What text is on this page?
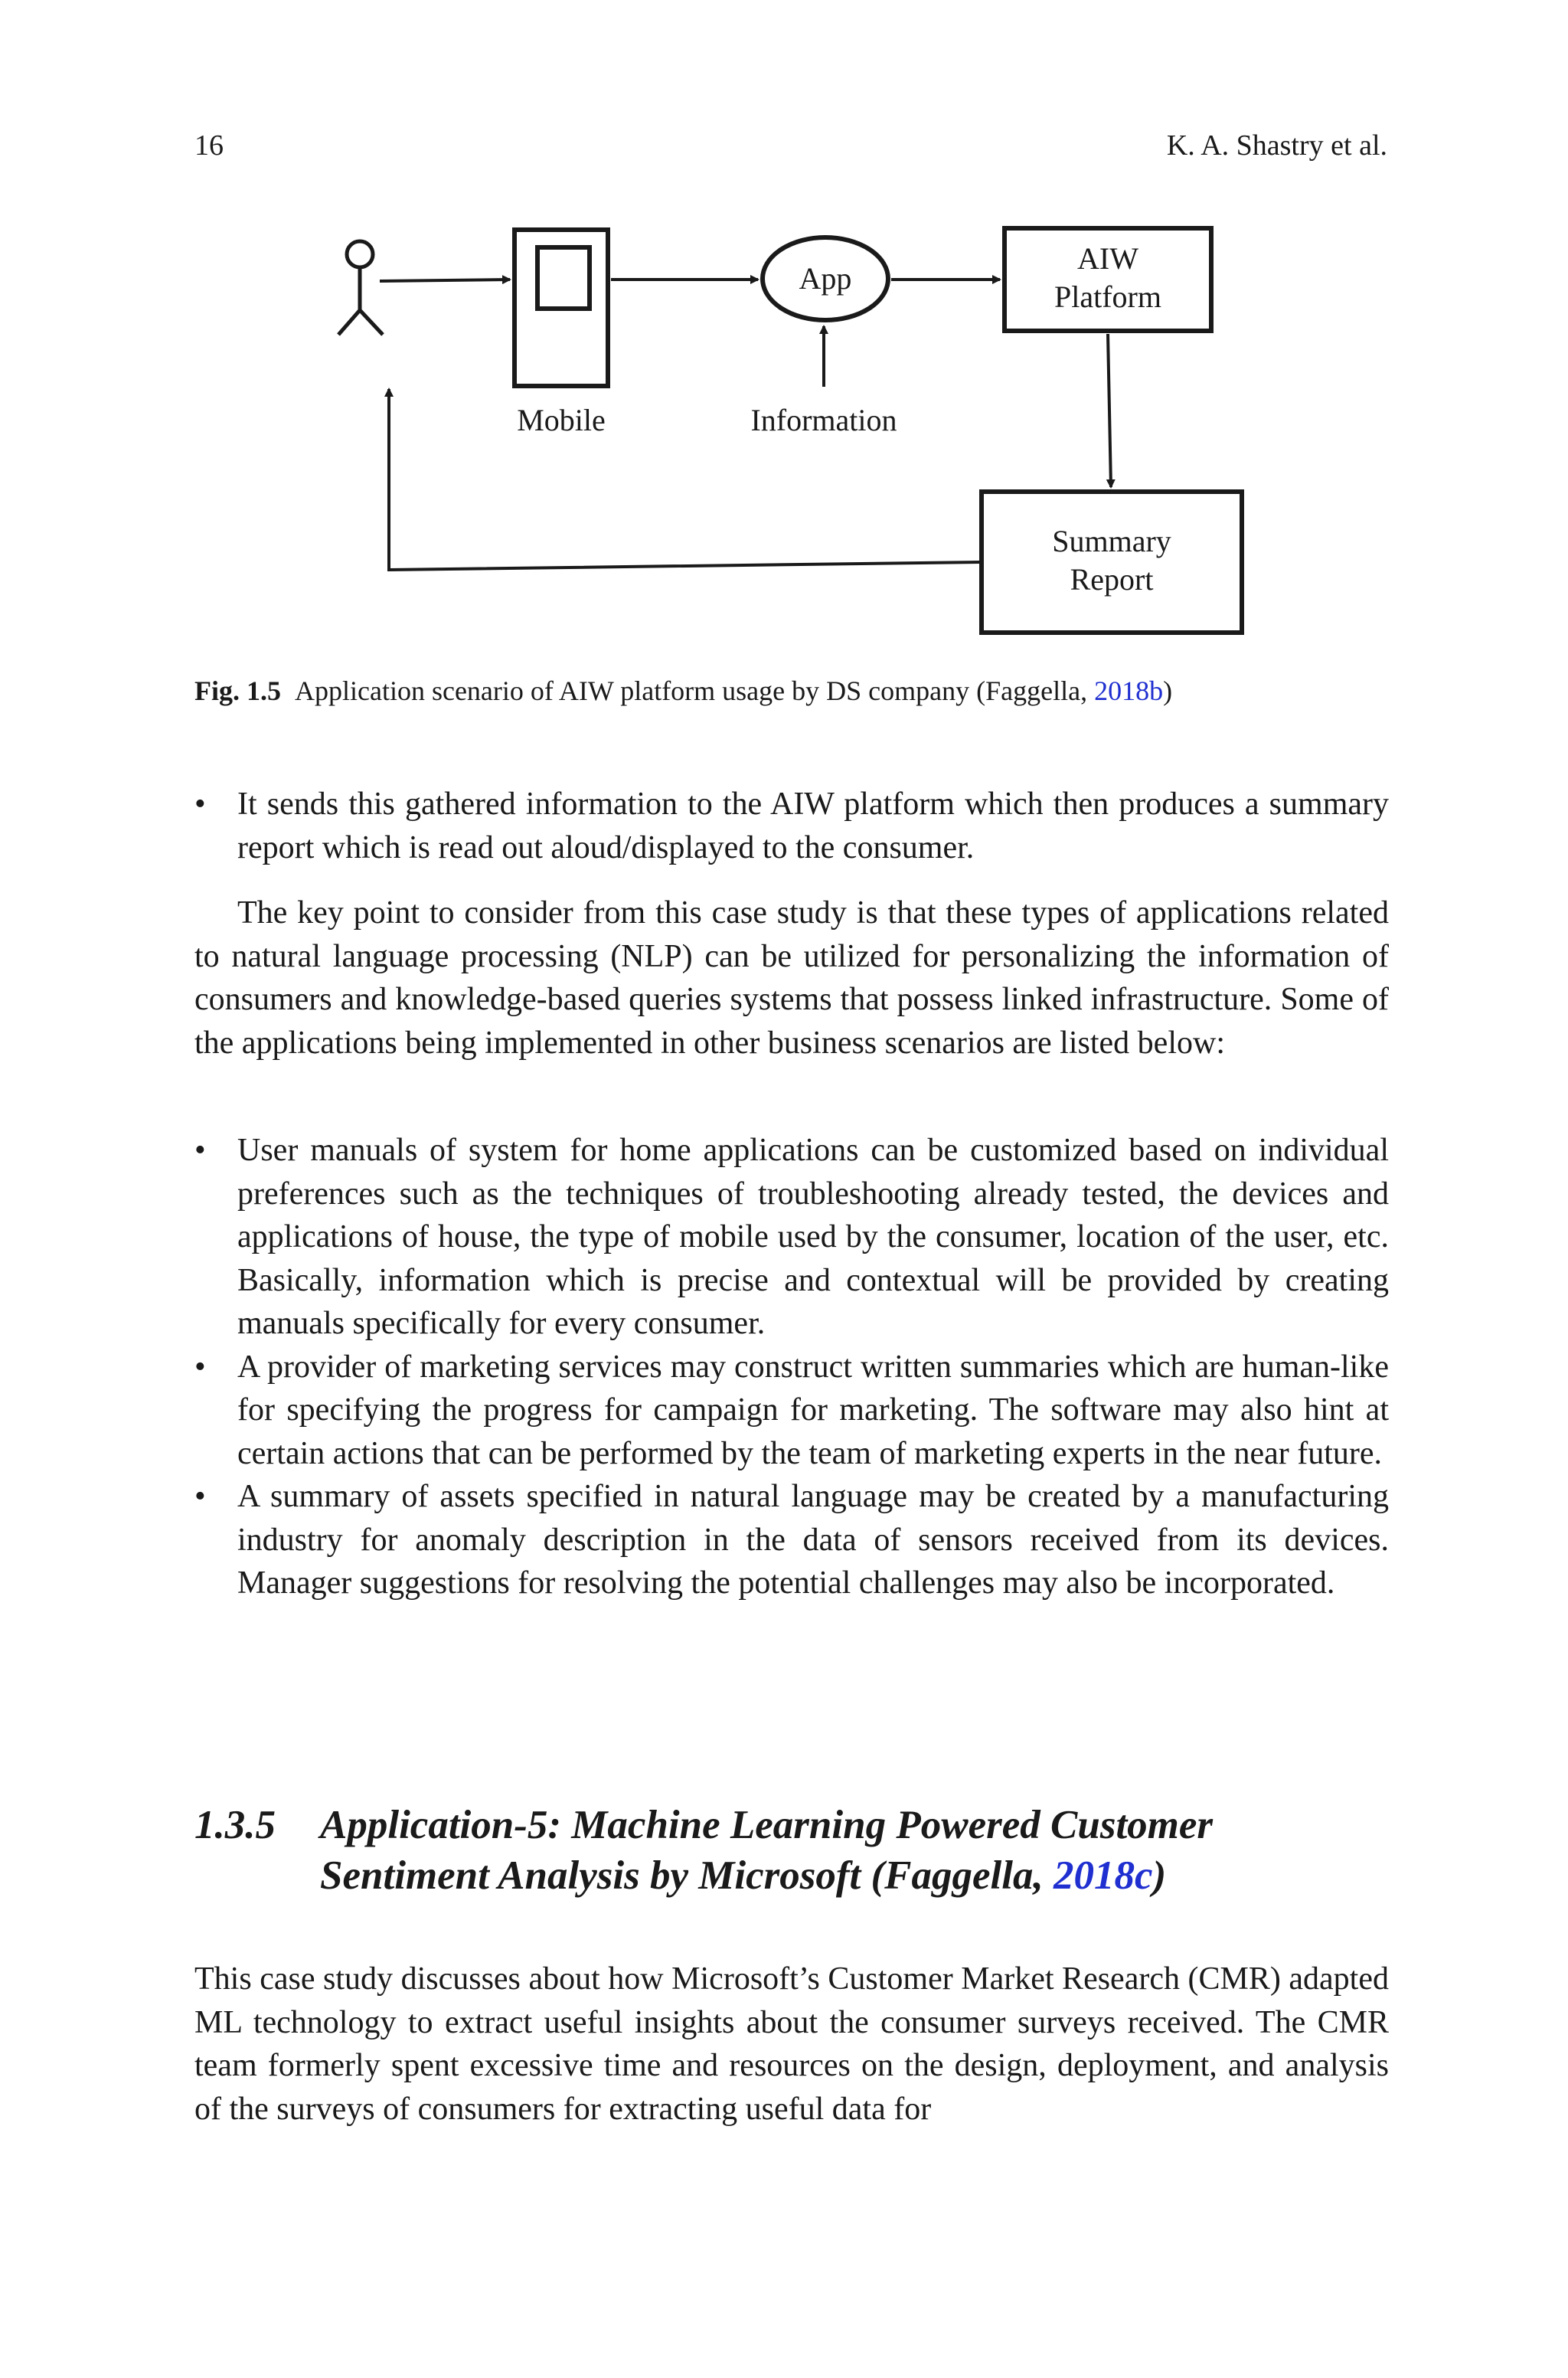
16	K. A. Shastry et al.
Mobile
App
AIW
Platform
Information
Summary
Report
Fig. 1.5 Application scenario of AIW platform usage by DS company (Faggella, 2018b)
• It sends this gathered information to the AIW platform which then produces a summary report which is read out aloud/displayed to the consumer.

The key point to consider from this case study is that these types of applications related to natural language processing (NLP) can be utilized for personalizing the information of consumers and knowledge-based queries systems that possess linked infrastructure. Some of the applications being implemented in other business scenarios are listed below:

• User manuals of system for home applications can be customized based on individual preferences such as the techniques of troubleshooting already tested, the devices and applications of house, the type of mobile used by the consumer, location of the user, etc. Basically, information which is precise and contextual will be provided by creating manuals specifically for every consumer.
• A provider of marketing services may construct written summaries which are human-like for specifying the progress for campaign for marketing. The software may also hint at certain actions that can be performed by the team of marketing experts in the near future.
• A summary of assets specified in natural language may be created by a manufacturing industry for anomaly description in the data of sensors received from its devices. Manager suggestions for resolving the potential challenges may also be incorporated.
1.3.5 Application-5: Machine Learning Powered Customer Sentiment Analysis by Microsoft (Faggella, 2018c)

This case study discusses about how Microsoft’s Customer Market Research (CMR) adapted ML technology to extract useful insights about the consumer surveys received. The CMR team formerly spent excessive time and resources on the design, deployment, and analysis of the surveys of consumers for extracting useful data for
